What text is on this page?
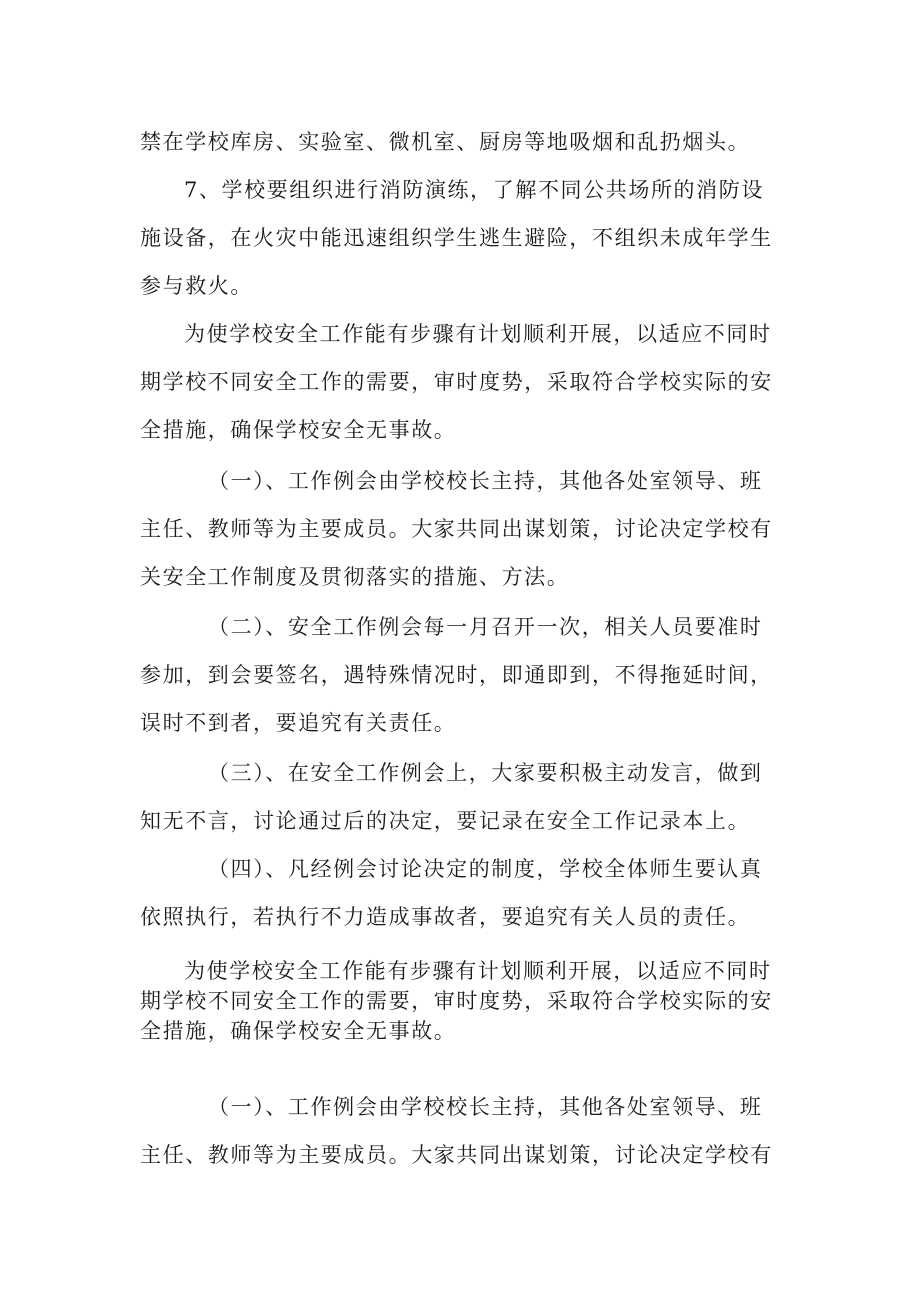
禁在学校库房、实验室、微机室、厨房等地吸烟和乱扔烟头。

7、学校要组织进行消防演练，了解不同公共场所的消防设
施设备，在火灾中能迅速组织学生逃生避险，不组织未成年学生
参与救火。

为使学校安全工作能有步骤有计划顺利开展，以适应不同时
期学校不同安全工作的需要，审时度势，采取符合学校实际的安
全措施，确保学校安全无事故。

（一）、工作例会由学校校长主持，其他各处室领导、班
主任、教师等为主要成员。大家共同出谋划策，讨论决定学校有
关安全工作制度及贯彻落实的措施、方法。

（二）、安全工作例会每一月召开一次，相关人员要准时
参加，到会要签名，遇特殊情况时，即通即到，不得拖延时间，
误时不到者，要追究有关责任。

（三）、在安全工作例会上，大家要积极主动发言，做到
知无不言，讨论通过后的决定，要记录在安全工作记录本上。

（四）、凡经例会讨论决定的制度，学校全体师生要认真
依照执行，若执行不力造成事故者，要追究有关人员的责任。

为使学校安全工作能有步骤有计划顺利开展，以适应不同时
期学校不同安全工作的需要，审时度势，采取符合学校实际的安
全措施，确保学校安全无事故。

（一）、工作例会由学校校长主持，其他各处室领导、班
主任、教师等为主要成员。大家共同出谋划策，讨论决定学校有
